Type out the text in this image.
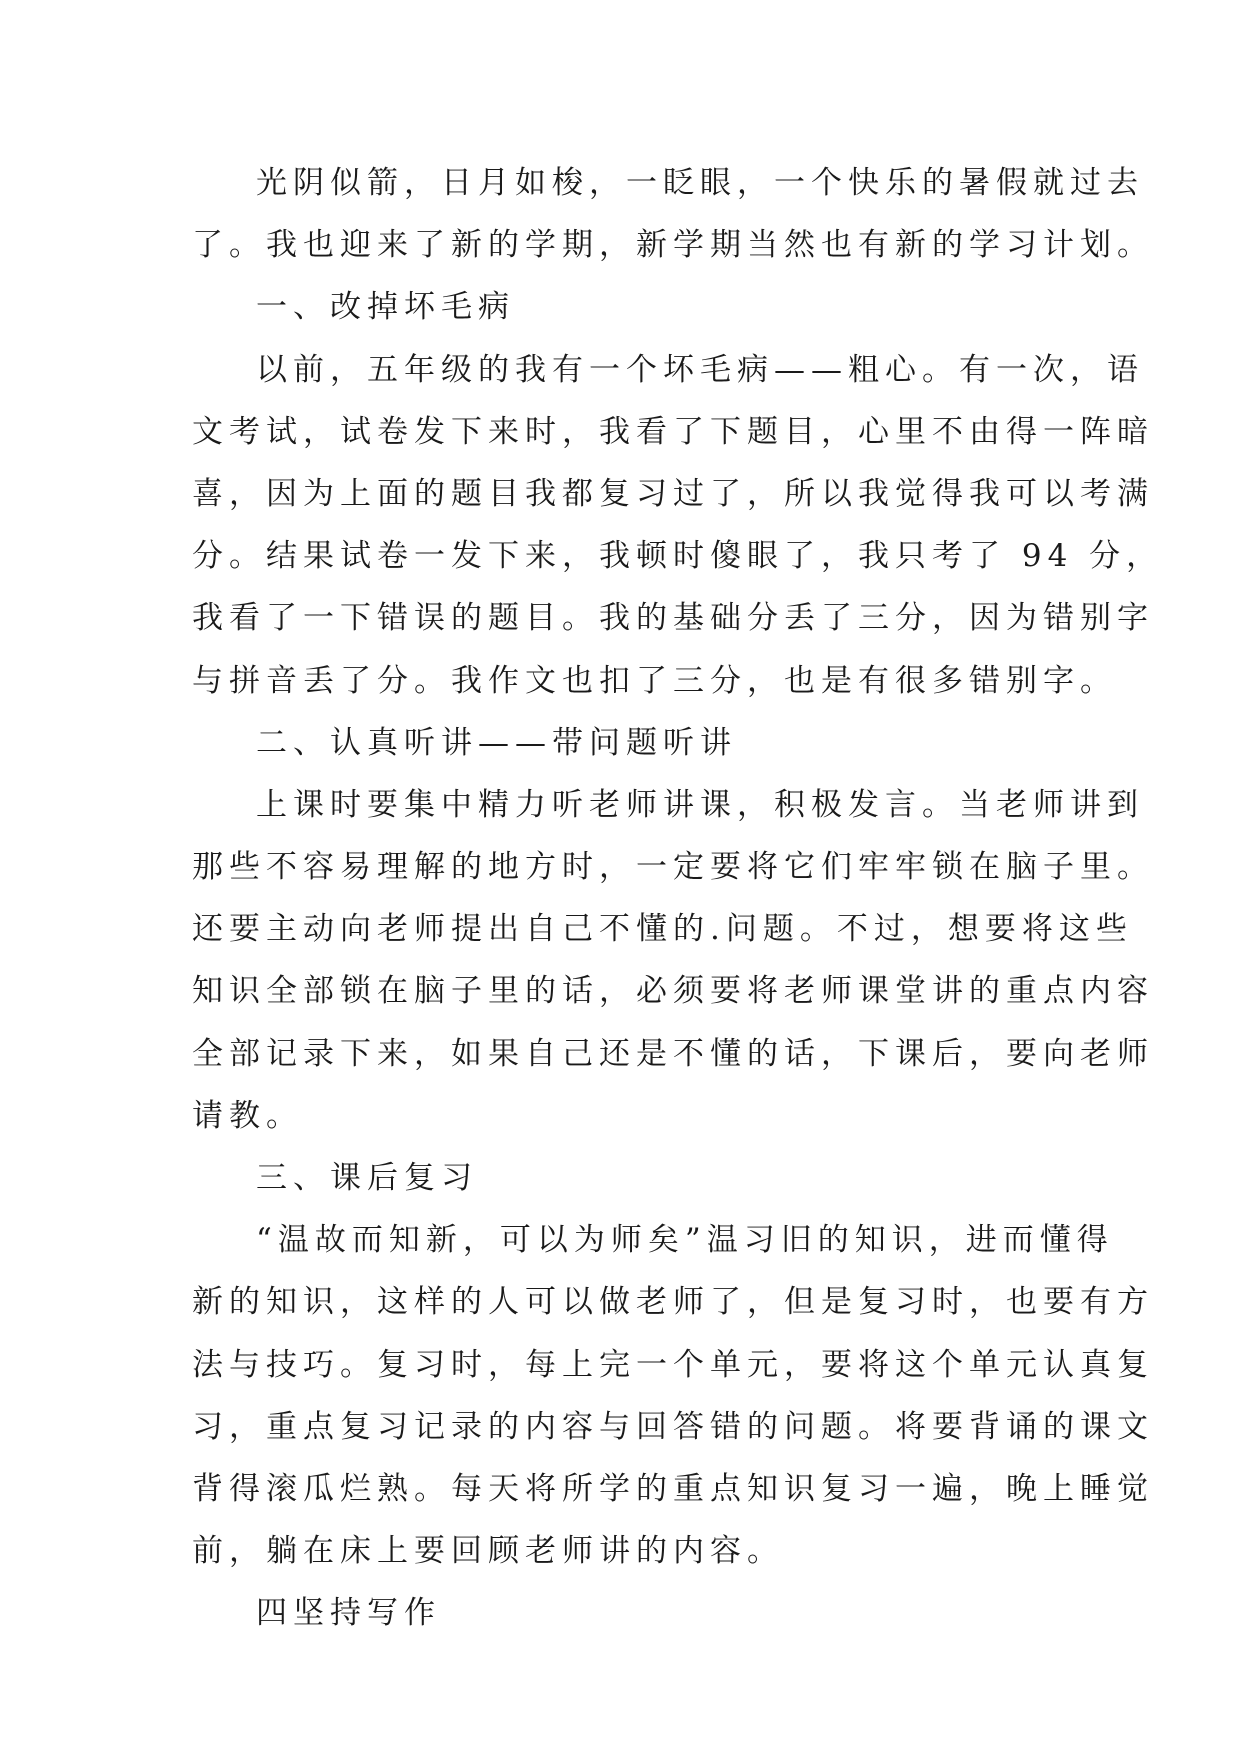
光阴似箭，日月如梭，一眨眼，一个快乐的暑假就过去
了。我也迎来了新的学期，新学期当然也有新的学习计划。
一、改掉坏毛病
以前，五年级的我有一个坏毛病——粗心。有一次，语
文考试，试卷发下来时，我看了下题目，心里不由得一阵暗
喜，因为上面的题目我都复习过了，所以我觉得我可以考满
分。结果试卷一发下来，我顿时傻眼了，我只考了 94 分，
我看了一下错误的题目。我的基础分丢了三分，因为错别字
与拼音丢了分。我作文也扣了三分，也是有很多错别字。
二、认真听讲——带问题听讲
上课时要集中精力听老师讲课，积极发言。当老师讲到
那些不容易理解的地方时，一定要将它们牢牢锁在脑子里。
还要主动向老师提出自己不懂的.问题。不过，想要将这些
知识全部锁在脑子里的话，必须要将老师课堂讲的重点内容
全部记录下来，如果自己还是不懂的话，下课后，要向老师
请教。
三、课后复习
“温故而知新，可以为师矣”温习旧的知识，进而懂得
新的知识，这样的人可以做老师了，但是复习时，也要有方
法与技巧。复习时，每上完一个单元，要将这个单元认真复
习，重点复习记录的内容与回答错的问题。将要背诵的课文
背得滚瓜烂熟。每天将所学的重点知识复习一遍，晚上睡觉
前，躺在床上要回顾老师讲的内容。
四坚持写作
